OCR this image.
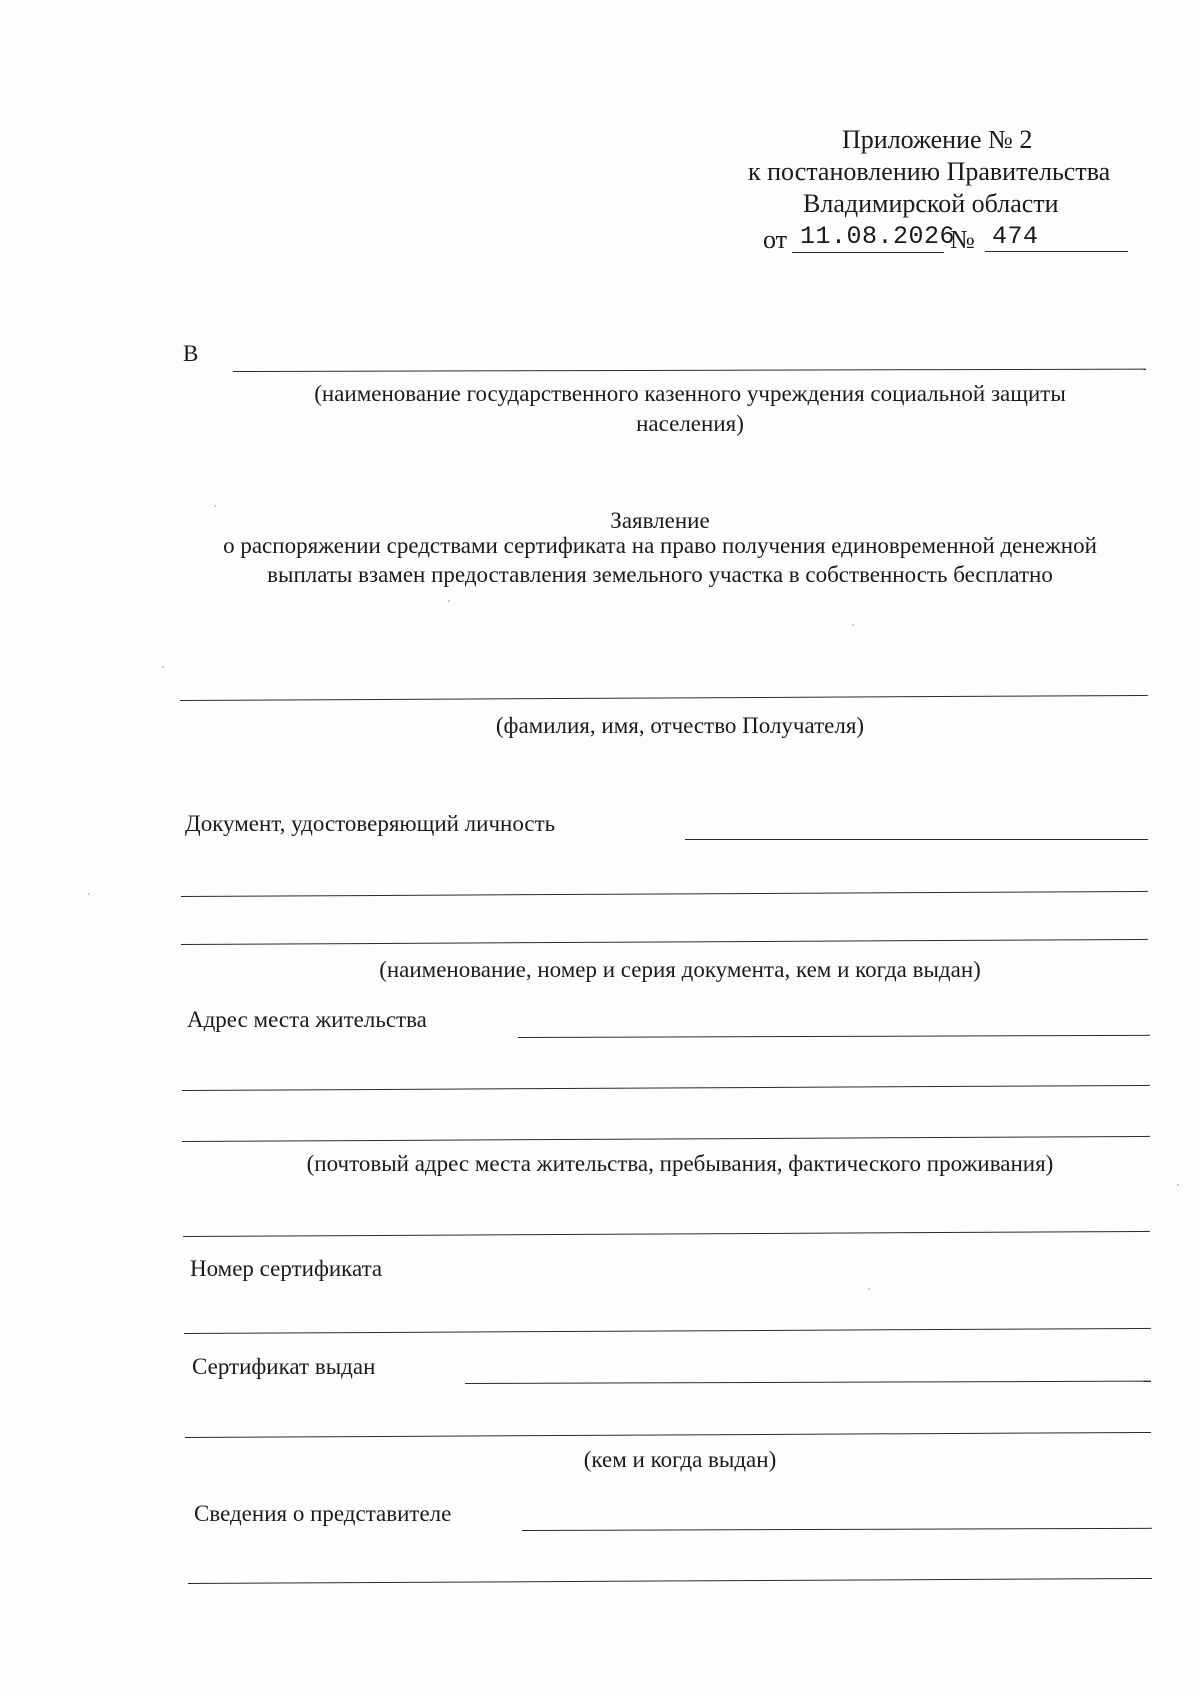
Приложение № 2
к постановлению Правительства
Владимирской области
от 11.08.2026
№ 474
В
(наименование государственного казенного учреждения социальной защиты
населения)
Заявление
о распоряжении средствами сертификата на право получения единовременной денежной
выплаты взамен предоставления земельного участка в собственность бесплатно
(фамилия, имя, отчество Получателя)
Документ, удостоверяющий личность
(наименование, номер и серия документа, кем и когда выдан)
Адрес места жительства
(почтовый адрес места жительства, пребывания, фактического проживания)
Номер сертификата
Сертификат выдан
(кем и когда выдан)
Сведения о представителе
